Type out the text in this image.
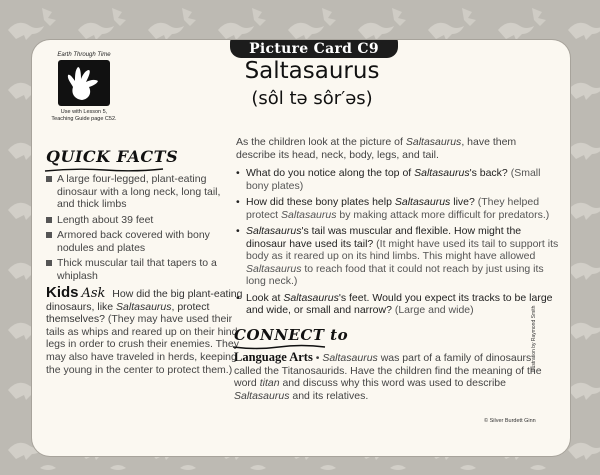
Picture Card C9
Earth Through Time
Use with Lesson 5,
Teaching Guide page C52.
Saltasaurus
(sôl tə sôr′əs)
QUICK FACTS
A large four-legged, plant-eating dinosaur with a long neck, long tail, and thick limbs
Length about 39 feet
Armored back covered with bony nodules and plates
Thick muscular tail that tapers to a whiplash
Kids Ask How did the big plant-eating dinosaurs, like Saltasaurus, protect themselves? (They may have used their tails as whips and reared up on their hind legs in order to crush their enemies. They may also have traveled in herds, keeping the young in the center to protect them.)
As the children look at the picture of Saltasaurus, have them describe its head, neck, body, legs, and tail.
• What do you notice along the top of Saltasaurus's back? (Small bony plates)
• How did these bony plates help Saltasaurus live? (They helped protect Saltasaurus by making attack more difficult for predators.)
• Saltasaurus's tail was muscular and flexible. How might the dinosaur have used its tail? (It might have used its tail to support its body as it reared up on its hind limbs. This might have allowed Saltasaurus to reach food that it could not reach by just using its long neck.)
• Look at Saltasaurus's feet. Would you expect its tracks to be large and wide, or small and narrow? (Large and wide)
CONNECT to
Language Arts • Saltasaurus was part of a family of dinosaurs called the Titanosaurids. Have the children find the meaning of the word titan and discuss why this word was used to describe Saltasaurus and its relatives.
© Silver Burdett Ginn
Illustration by Raymond Smith
